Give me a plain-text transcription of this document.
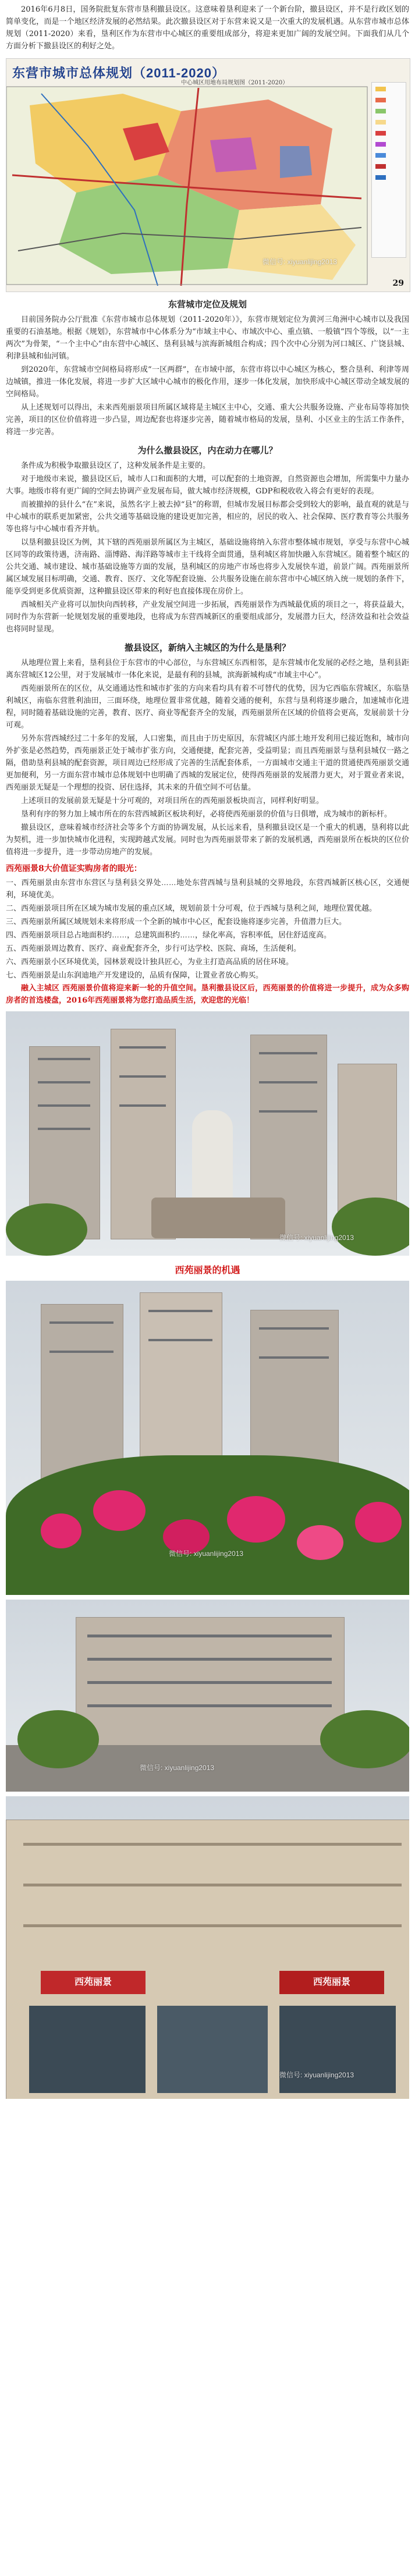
2016年6月8日，国务院批复东营市垦利撤县设区。这意味着垦利迎来了一个新台阶，撤县设区，并不是行政区划的简单变化，而是一个地区经济发展的必然结果。此次撤县设区对于东营来说又是一次重大的发展机遇。从东营市城市总体规划（2011-2020）来看，垦利区作为东营市中心城区的重要组成部分，将迎来更加广阔的发展空间。下面我们从几个方面分析下撤县设区的利好之处。

东营市城市总体规划（2011-2020）
中心城区用地布局规划图（2011-2020）

微信号: xiyuanlijing2013
29
东营城市定位及规划

目前国务院办公厅批准《东营市城市总体规划（2011-2020年）》，东营市规划定位为黄河三角洲中心城市以及我国重要的石油基地。根据《规划》，东营城市中心体系分为“市域主中心、市域次中心、重点镇、一般镇”四个等级，以“一主两次”为骨架，“一个主中心”由东营中心城区、垦利县城与滨海新城组合构成；四个次中心分别为河口城区、广饶县城、利津县城和仙河镇。

到2020年，东营城市空间格局将形成“一区两群”，在市域中部，东营市将以中心城区为核心，整合垦利、利津等周边城镇，推进一体化发展，将进一步扩大区域中心城市的极化作用，逐步一体化发展，加快形成中心城区带动全域发展的空间格局。

从上述规划可以得出，未来西苑丽景项目所属区域将是主城区主中心，交通、重大公共服务设施、产业布局等将加快完善，项目的区位价值将进一步凸显，周边配套也将逐步完善，随着城市格局的发展，垦利、小区业主的生活工作条件，将进一步完善。

为什么撤县设区，内在动力在哪儿？

条件成为积极争取撤县设区了，这种发展条件是主要的。

对于地级市来说，撤县设区后，城市人口和面积的大增，可以配套的土地资源，自然资源也会增加，所需集中力量办大事。地级市将有更广阔的空间去协调产业发展布局，做大城市经济规模，GDP和税收收入将会有更好的表现。

而被撤掉的县什么“在”来说，虽然名字上被去掉“县”的称谓，但城市发展目标都会受到较大的影响，最直观的就是与中心城市的联系更加紧密，公共交通等基础设施的建设更加完善，相应的，居民的收入、社会保障、医疗教育等公共服务等也将与中心城市看齐并轨。

以垦利撤县设区为例，其下辖的西苑丽景所属区为主城区，基础设施将纳入东营市整体城市规划，享受与东营中心城区同等的政策待遇，济南路、淄博路、海洋路等城市主干线将全面贯通，垦利城区将加快融入东营城区。随着整个城区的公共交通、城市建设、城市基础设施等方面的发展，垦利城区的房地产市场也将步入发展快车道，前景广阔。西苑丽景所属区域发展目标明确，交通、教育、医疗、文化等配套设施、公共服务设施在前东营市中心城区纳入统一规划的条件下，能享受到更多优质资源，这种撤县设区带来的利好也直接体现在房价上。

西城相关产业将可以加快向西转移，产业发展空间进一步拓展，西苑丽景作为西城最优质的项目之一，将获益最大，同时作为东营新一轮规划发展的重要地段，也将成为东营西城新区的重要组成部分，发展潜力巨大，经济效益和社会效益也将同时显现。

撤县设区，新纳入主城区的为什么是垦利？

从地理位置上来看，垦利县位于东营市的中心部位，与东营城区东西相邻，是东营城市化发展的必经之地，垦利县距离东营城区12公里，对于发展城市一体化来说，是最有利的县城，滨海新城构成“市域主中心”。

西苑丽景所在的区位，从交通通达性和城市扩张的方向来看均具有着不可替代的优势，因为它西临东营城区，东临垦利城区，南临东营胜利油田，三面环绕，地理位置非常优越，随着交通的便利，东营与垦利将逐步融合，加速城市化进程，同时随着基础设施的完善，教育、医疗、商业等配套齐全的发展，西苑丽景所在区域的价值将会更高，发展前景十分可观。

另外东营西城经过二十多年的发展，人口密集，而且由于历史原因，东营城区内部土地开发利用已接近饱和，城市向外扩张是必然趋势，西苑丽景正处于城市扩张方向，交通便捷，配套完善，受益明显；而且西苑丽景与垦利县城仅一路之隔，借助垦利县城的配套资源，项目周边已经形成了完善的生活配套体系，一方面城市交通主干道的贯通使西苑丽景交通更加便利，另一方面东营市城市总体规划中也明确了西城的发展定位，使得西苑丽景的发展潜力更大，对于置业者来说，西苑丽景无疑是一个理想的投资、居住选择，其未来的升值空间不可估量。

上述项目的发展前景无疑是十分可观的，对项目所在的西苑丽景板块而言，同样利好明显。

垦利有序的努力加上城市所在的东营西城新区板块利好，必将使西苑丽景的价值与日俱增，成为城市的新标杆。

撤县设区，意味着城市经济社会等多个方面的协调发展，从长远来看，垦利撤县设区是一个重大的机遇，垦利将以此为契机，进一步加快城市化进程，实现跨越式发展。同时也为西苑丽景带来了新的发展机遇，西苑丽景所在板块的区位价值将进一步提升，进一步带动房地产的发展。

西苑丽景8大价值证实购房者的眼光：

一、西苑丽景由东营市东营区与垦利县交界处……地处东营西城与垦利县城的交界地段，东营西城新区核心区，交通便利，环境优美。

二、西苑丽景项目所在区域为城市发展的重点区域，规划前景十分可观，位于西城与垦利之间，地理位置优越。

三、西苑丽景所属区域规划未来将形成一个全新的城市中心区，配套设施将逐步完善，升值潜力巨大。

四、西苑丽景项目总占地面积约……，总建筑面积约……，绿化率高，容积率低，居住舒适度高。

五、西苑丽景周边教育、医疗、商业配套齐全，步行可达学校、医院、商场，生活便利。

六、西苑丽景小区环境优美，园林景观设计独具匠心，为业主打造高品质的居住环境。

七、西苑丽景是山东润迪地产开发建设的，品质有保障，让置业者放心购买。

融入主城区 西苑丽景价值将迎来新一轮的升值空间。垦利撤县设区后，西苑丽景的价值将进一步提升，成为众多购房者的首选楼盘，2016年西苑丽景将为您打造品质生活，欢迎您的光临！

微信号: xiyuanlijing2013
西苑丽景的机遇
微信号: xiyuanlijing2013
微信号: xiyuanlijing2013
西苑丽景	西苑丽景
微信号: xiyuanlijing2013
